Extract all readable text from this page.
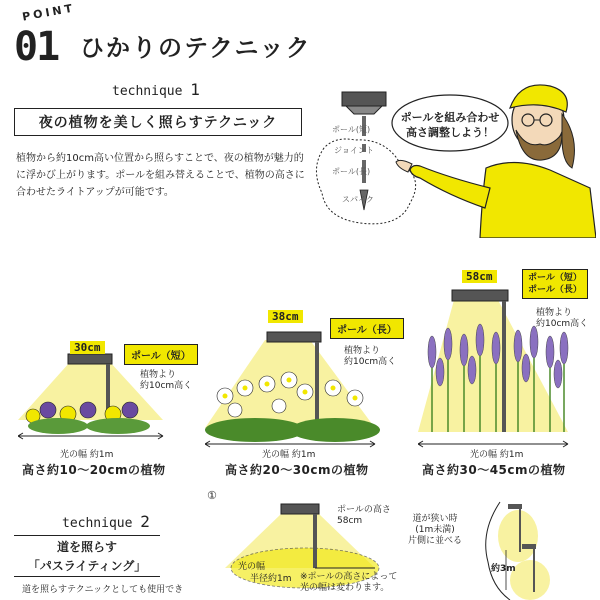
POINT
01 ひかりのテクニック
technique 1
夜の植物を美しく照らすテクニック
植物から約10cm高い位置から照らすことで、夜の植物が魅力的に浮かび上がります。ポールを組み替えることで、植物の高さに合わせたライトアップが可能です。
ポールを組み合わせ
高さ調整しよう！
ポール(短)
ジョイント
ポール(長)
スパイク
30cm
ポール（短）
植物より
約10cm高く
光の幅 約1m
高さ約10～20cmの植物
38cm
ポール（長）
植物より
約10cm高く
光の幅 約1m
高さ約20～30cmの植物
58cm	ポール（短）
ポール（長）
植物より
約10cm高く
光の幅 約1m
高さ約30～45cmの植物
technique 2
道を照らす
「パスライティング」
道を照らすテクニックとしても使用でき
①
ポールの高さ
58cm
光の幅
半径約1m ※ポールの高さによって
光の幅は変わります。
道が狭い時
(1m未満)
片側に並べる
約3m
